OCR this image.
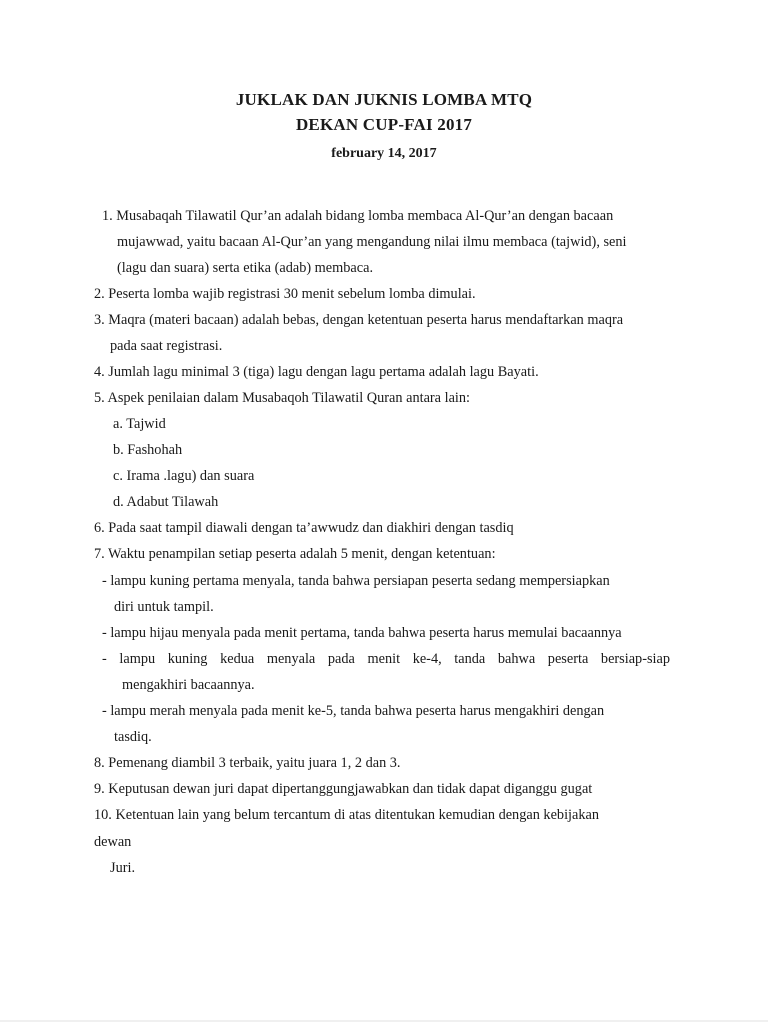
JUKLAK DAN JUKNIS LOMBA MTQ
DEKAN CUP-FAI 2017
february 14, 2017
1. Musabaqah Tilawatil Qur’an adalah bidang lomba membaca Al-Qur’an dengan bacaan
mujawwad, yaitu bacaan Al-Qur’an yang mengandung nilai ilmu membaca (tajwid), seni
(lagu dan suara) serta etika (adab) membaca.
2. Peserta lomba wajib registrasi 30 menit sebelum lomba dimulai.
3. Maqra (materi bacaan) adalah bebas, dengan ketentuan peserta harus mendaftarkan maqra
pada saat registrasi.
4. Jumlah lagu minimal 3 (tiga) lagu dengan lagu pertama adalah lagu Bayati.
5. Aspek penilaian dalam Musabaqoh Tilawatil Quran antara lain:
a. Tajwid
b. Fashohah
c. Irama .lagu) dan suara
d. Adabut Tilawah
6. Pada saat tampil diawali dengan ta’awwudz dan diakhiri dengan tasdiq
7. Waktu penampilan setiap peserta adalah 5 menit, dengan ketentuan:
- lampu kuning pertama menyala, tanda bahwa persiapan peserta sedang mempersiapkan
diri untuk tampil.
- lampu hijau menyala pada menit pertama, tanda bahwa peserta harus memulai bacaannya
- lampu kuning kedua menyala pada menit ke-4, tanda bahwa peserta bersiap-siap
mengakhiri bacaannya.
- lampu merah menyala pada menit ke-5, tanda bahwa peserta harus mengakhiri dengan
tasdiq.
8. Pemenang diambil 3 terbaik, yaitu juara 1, 2 dan 3.
9. Keputusan dewan juri dapat dipertanggungjawabkan dan tidak dapat diganggu gugat
10. Ketentuan lain yang belum tercantum di atas ditentukan kemudian dengan kebijakan
dewan
Juri.
